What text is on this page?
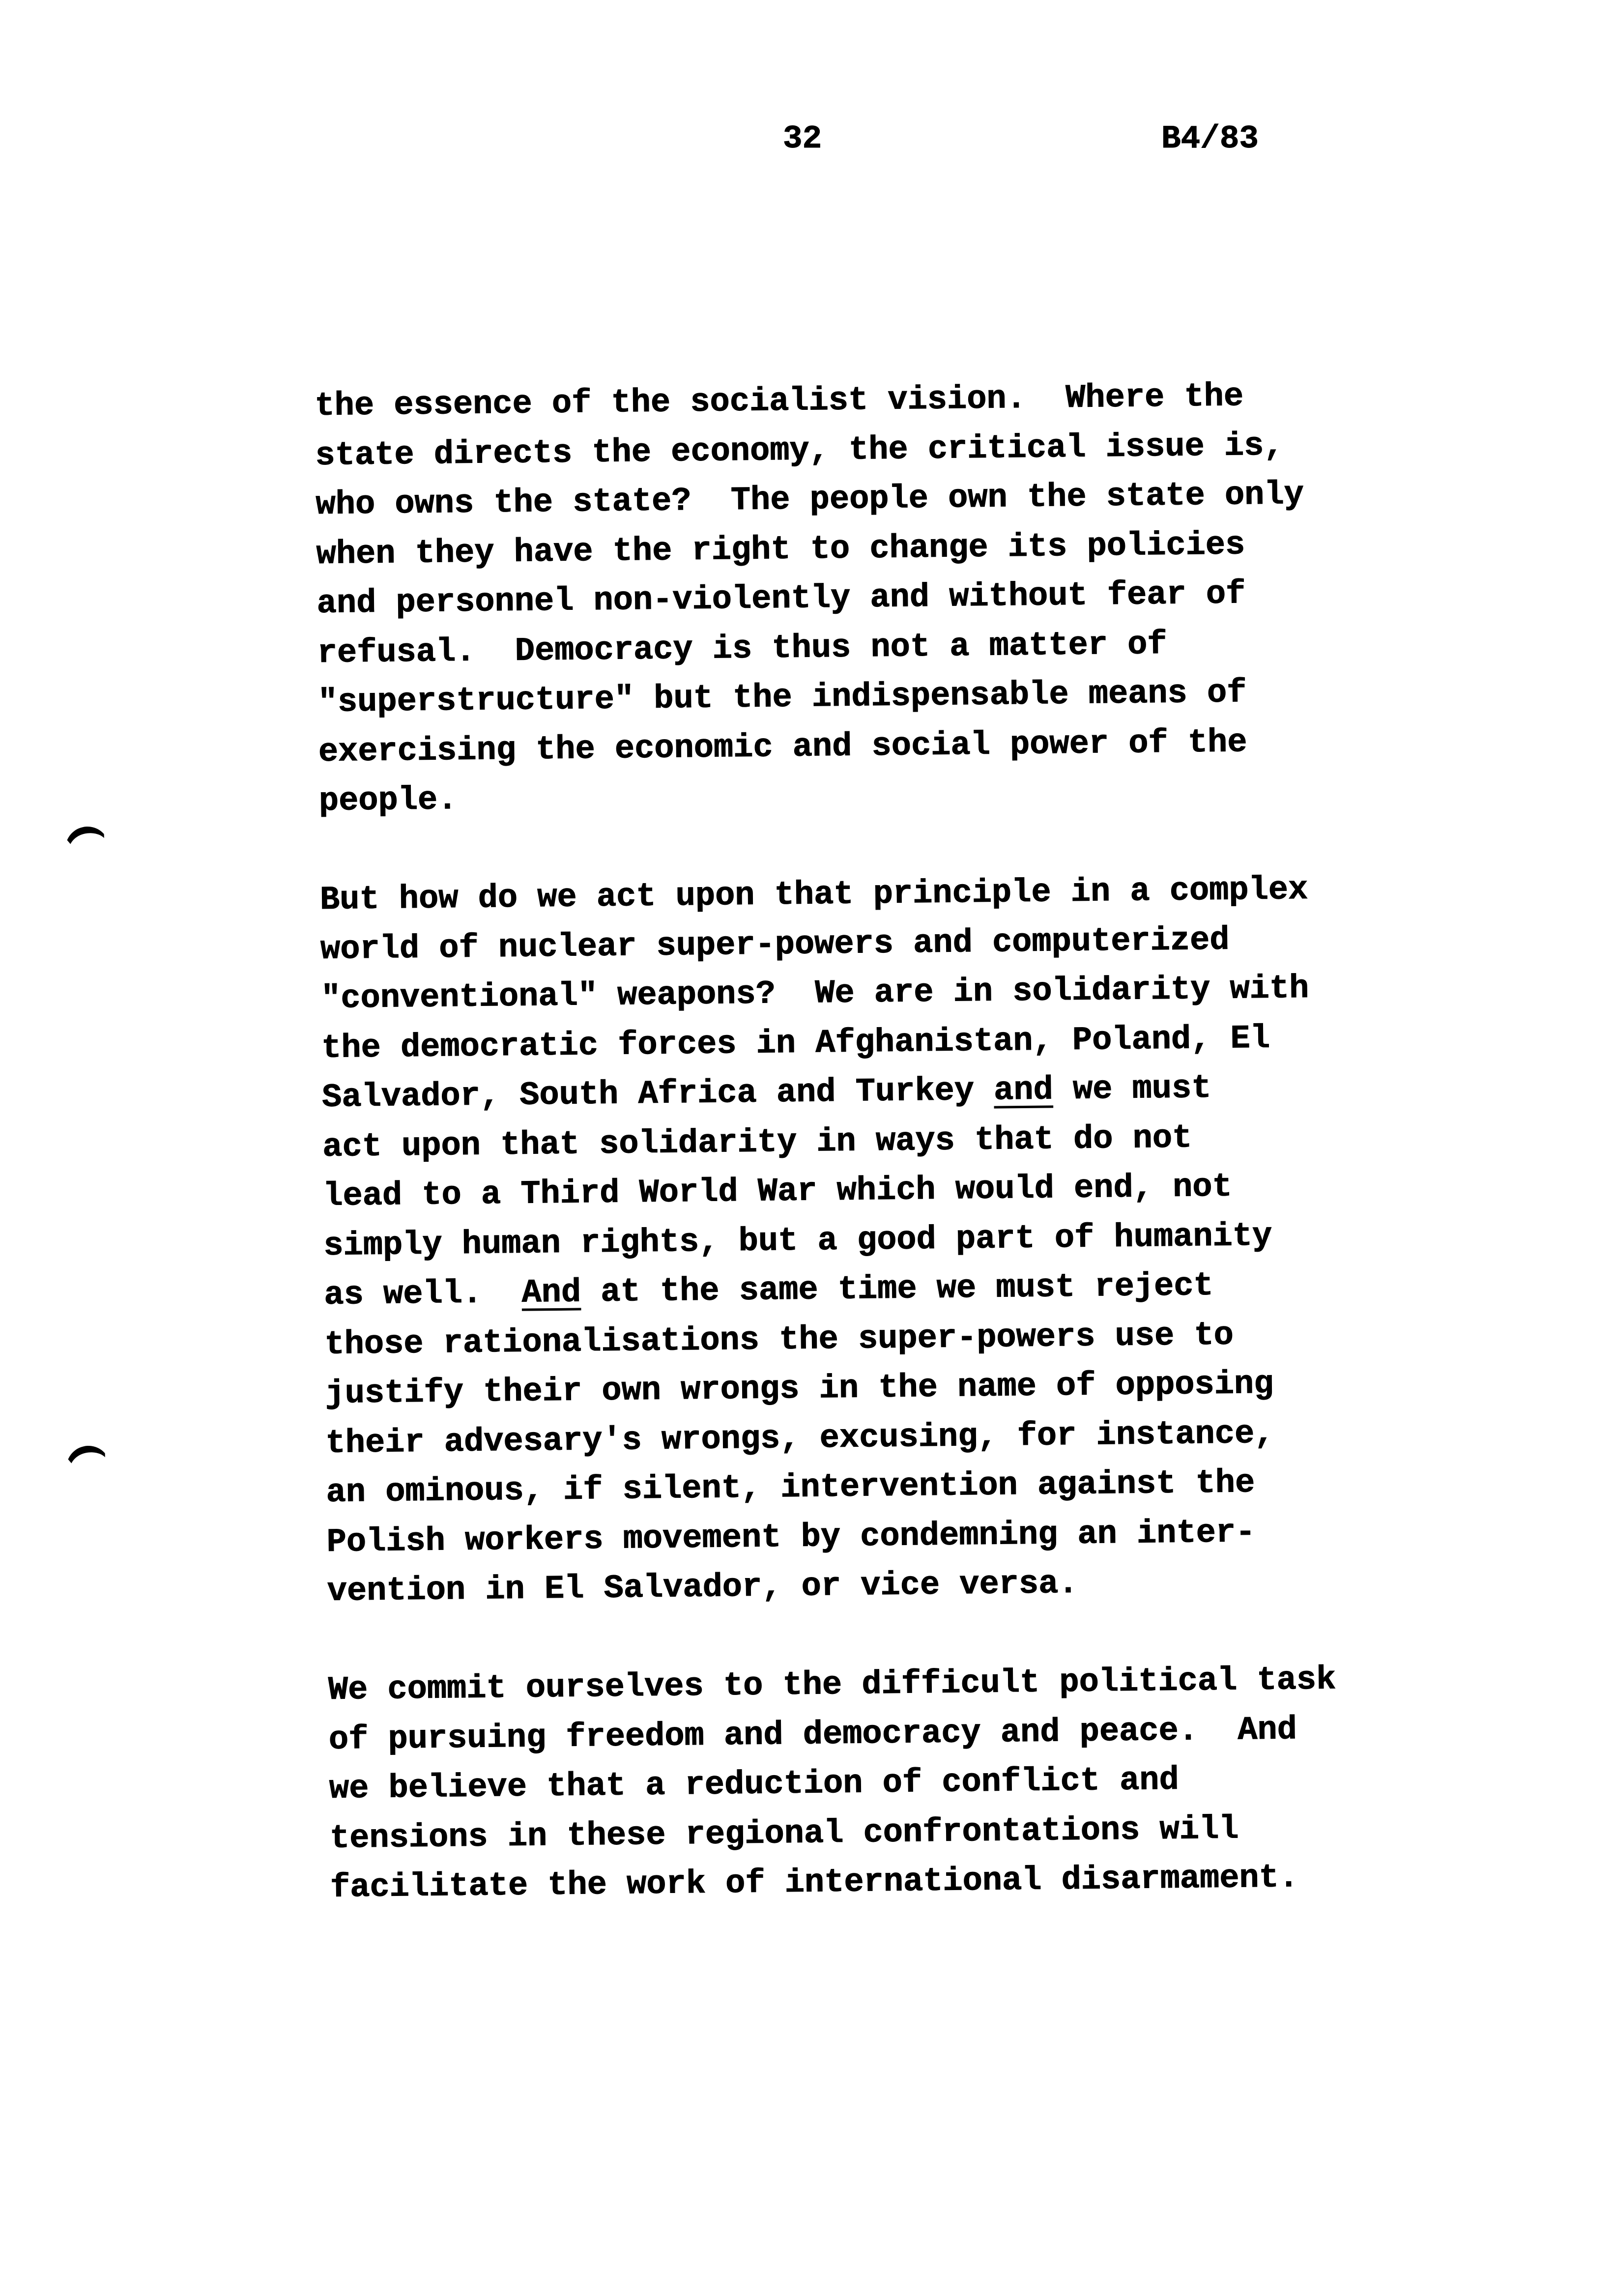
32	B4/83

the essence of the socialist vision.  Where the
state directs the economy, the critical issue is,
who owns the state?  The people own the state only
when they have the right to change its policies
and personnel non-violently and without fear of
refusal.  Democracy is thus not a matter of
"superstructure" but the indispensable means of
exercising the economic and social power of the
people.

But how do we act upon that principle in a complex
world of nuclear super-powers and computerized
"conventional" weapons?  We are in solidarity with
the democratic forces in Afghanistan, Poland, El
Salvador, South Africa and Turkey and we must
act upon that solidarity in ways that do not
lead to a Third World War which would end, not
simply human rights, but a good part of humanity
as well.  And at the same time we must reject
those rationalisations the super-powers use to
justify their own wrongs in the name of opposing
their advesary's wrongs, excusing, for instance,
an ominous, if silent, intervention against the
Polish workers movement by condemning an inter-
vention in El Salvador, or vice versa.

We commit ourselves to the difficult political task
of pursuing freedom and democracy and peace.  And
we believe that a reduction of conflict and
tensions in these regional confrontations will
facilitate the work of international disarmament.
